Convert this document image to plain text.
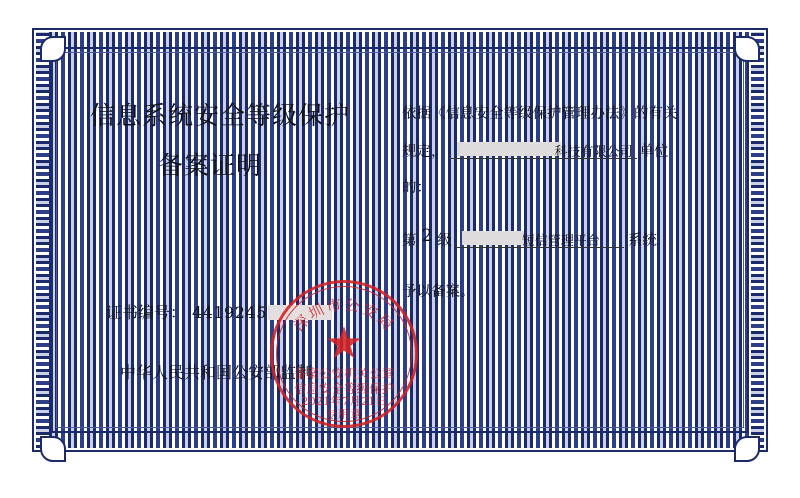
信息系统安全等级保护
备案证明
证书编号： 4419245
中华人民共和国公安部监制
依据《信息安全等级保护管理办法》的有关
规定，	科技有限公司 单位
的：
第 2 级	短信管理平台 系统
予以备案。
深圳市公安局
★
备案公安机关公章
信息安全等级保护
2021年7月21日
专用章
